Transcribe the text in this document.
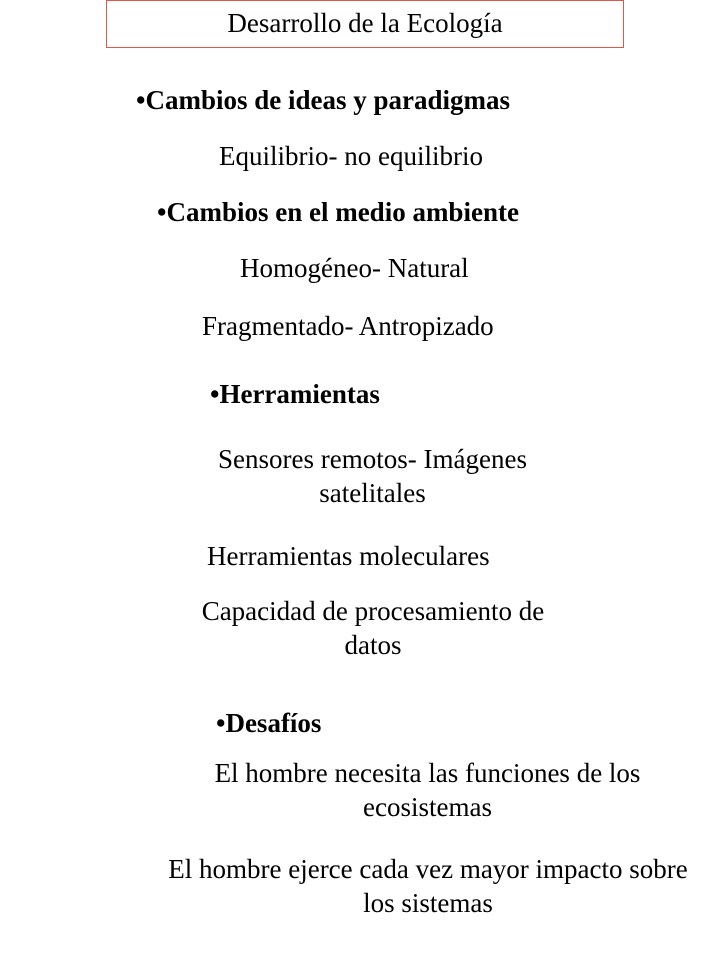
Desarrollo de la Ecología
•Cambios de ideas y paradigmas
Equilibrio- no equilibrio
•Cambios en el medio ambiente
Homogéneo- Natural
Fragmentado- Antropizado
•Herramientas
Sensores remotos- Imágenes satelitales
Herramientas moleculares
Capacidad de procesamiento de datos
•Desafíos
El hombre necesita las funciones de los ecosistemas
El hombre ejerce cada vez mayor impacto sobre los sistemas
